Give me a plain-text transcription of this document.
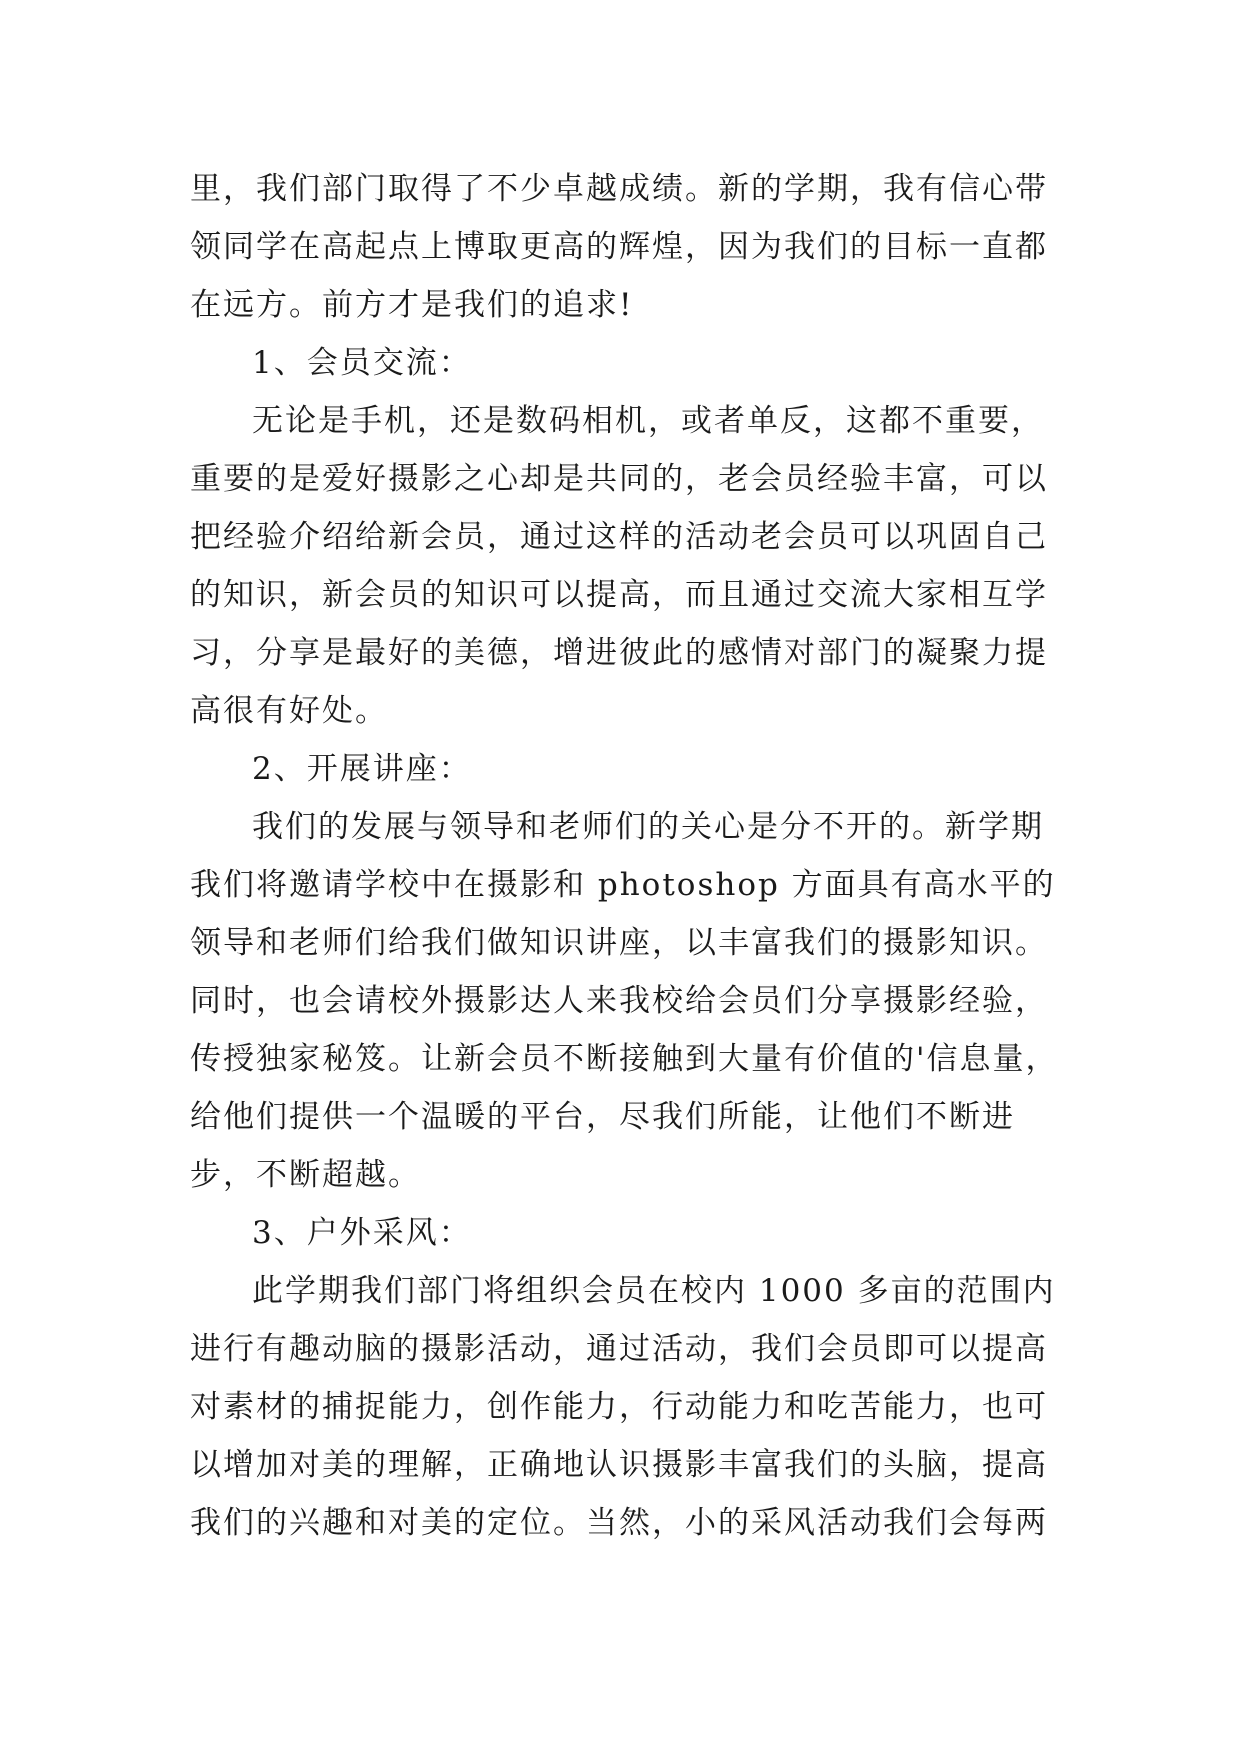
里，我们部门取得了不少卓越成绩。新的学期，我有信心带领同学在高起点上博取更高的辉煌，因为我们的目标一直都在远方。前方才是我们的追求!

1、会员交流：

无论是手机，还是数码相机，或者单反，这都不重要，重要的是爱好摄影之心却是共同的，老会员经验丰富，可以把经验介绍给新会员，通过这样的活动老会员可以巩固自己的知识，新会员的知识可以提高，而且通过交流大家相互学习，分享是最好的美德，增进彼此的感情对部门的凝聚力提高很有好处。

2、开展讲座：

我们的发展与领导和老师们的关心是分不开的。新学期我们将邀请学校中在摄影和 photoshop 方面具有高水平的领导和老师们给我们做知识讲座，以丰富我们的摄影知识。同时，也会请校外摄影达人来我校给会员们分享摄影经验，传授独家秘笈。让新会员不断接触到大量有价值的'信息量，给他们提供一个温暖的平台，尽我们所能，让他们不断进步，不断超越。

3、户外采风：

此学期我们部门将组织会员在校内 1000 多亩的范围内进行有趣动脑的摄影活动，通过活动，我们会员即可以提高对素材的捕捉能力，创作能力，行动能力和吃苦能力，也可以增加对美的理解，正确地认识摄影丰富我们的头脑，提高我们的兴趣和对美的定位。当然，小的采风活动我们会每两
